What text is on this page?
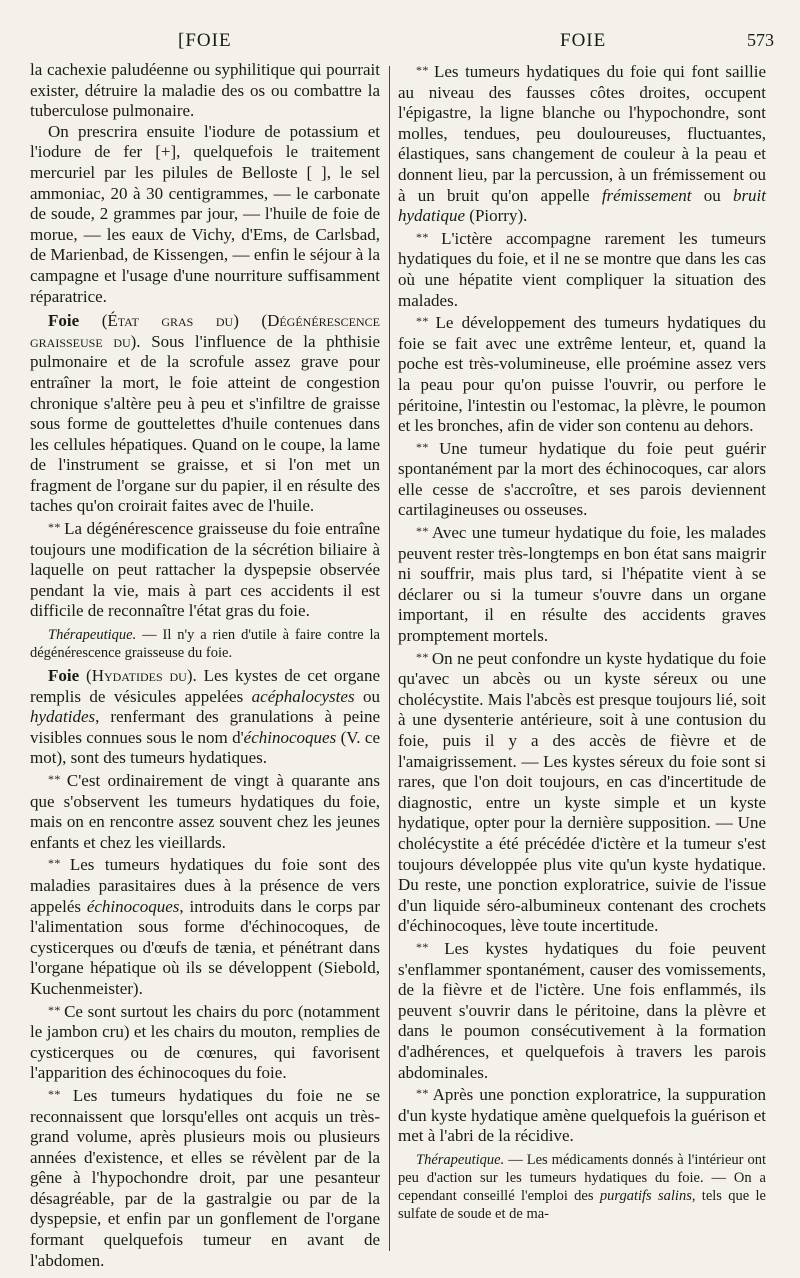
[FOIE	FOIE	573

la cachexie paludéenne ou syphilitique qui pourrait exister, détruire la maladie des os ou combattre la tuberculose pulmonaire.

On prescrira ensuite l'iodure de potassium et l'iodure de fer [+], quelquefois le traitement mercuriel par les pilules de Belloste [ ], le sel ammoniac, 20 à 30 centigrammes, — le carbonate de soude, 2 grammes par jour, — l'huile de foie de morue, — les eaux de Vichy, d'Ems, de Carlsbad, de Marienbad, de Kissengen, — enfin le séjour à la campagne et l'usage d'une nourriture suffisamment réparatrice.

Foie (État gras du) (Dégénérescence graisseuse du). Sous l'influence de la phthisie pulmonaire et de la scrofule assez grave pour entraîner la mort, le foie atteint de congestion chronique s'altère peu à peu et s'infiltre de graisse sous forme de gouttelettes d'huile contenues dans les cellules hépatiques. Quand on le coupe, la lame de l'instrument se graisse, et si l'on met un fragment de l'organe sur du papier, il en résulte des taches qu'on croirait faites avec de l'huile.

* * La dégénérescence graisseuse du foie entraîne toujours une modification de la sécrétion biliaire à laquelle on peut rattacher la dyspepsie observée pendant la vie, mais à part ces accidents il est difficile de reconnaître l'état gras du foie.

Thérapeutique. — Il n'y a rien d'utile à faire contre la dégénérescence graisseuse du foie.

Foie (Hydatides du). Les kystes de cet organe remplis de vésicules appelées acéphalocystes ou hydatides, renfermant des granulations à peine visibles connues sous le nom d'échinocoques (V. ce mot), sont des tumeurs hydatiques.

* * C'est ordinairement de vingt à quarante ans que s'observent les tumeurs hydatiques du foie, mais on en rencontre assez souvent chez les jeunes enfants et chez les vieillards.

* * Les tumeurs hydatiques du foie sont des maladies parasitaires dues à la présence de vers appelés échinocoques, introduits dans le corps par l'alimentation sous forme d'échinocoques, de cysticerques ou d'œufs de tænia, et pénétrant dans l'organe hépatique où ils se développent (Siebold, Kuchenmeister).

* * Ce sont surtout les chairs du porc (notamment le jambon cru) et les chairs du mouton, remplies de cysticerques ou de cœnures, qui favorisent l'apparition des échinocoques du foie.

* * Les tumeurs hydatiques du foie ne se reconnaissent que lorsqu'elles ont acquis un très-grand volume, après plusieurs mois ou plusieurs années d'existence, et elles se révèlent par de la gêne à l'hypochondre droit, par une pesanteur désagréable, par de la gastralgie ou par de la dyspepsie, et enfin par un gonflement de l'organe formant quelquefois tumeur en avant de l'abdomen.

* * Les tumeurs hydatiques du foie qui font saillie au niveau des fausses côtes droites, occupent l'épigastre, la ligne blanche ou l'hypochondre, sont molles, tendues, peu douloureuses, fluctuantes, élastiques, sans changement de couleur à la peau et donnent lieu, par la percussion, à un frémissement ou à un bruit qu'on appelle frémissement ou bruit hydatique (Piorry).

* * L'ictère accompagne rarement les tumeurs hydatiques du foie, et il ne se montre que dans les cas où une hépatite vient compliquer la situation des malades.

* * Le développement des tumeurs hydatiques du foie se fait avec une extrême lenteur, et, quand la poche est très-volumineuse, elle proémine assez vers la peau pour qu'on puisse l'ouvrir, ou perfore le péritoine, l'intestin ou l'estomac, la plèvre, le poumon et les bronches, afin de vider son contenu au dehors.

* * Une tumeur hydatique du foie peut guérir spontanément par la mort des échinocoques, car alors elle cesse de s'accroître, et ses parois deviennent cartilagineuses ou osseuses.

* * Avec une tumeur hydatique du foie, les malades peuvent rester très-longtemps en bon état sans maigrir ni souffrir, mais plus tard, si l'hépatite vient à se déclarer ou si la tumeur s'ouvre dans un organe important, il en résulte des accidents graves promptement mortels.

* * On ne peut confondre un kyste hydatique du foie qu'avec un abcès ou un kyste séreux ou une cholécystite. Mais l'abcès est presque toujours lié, soit à une dysenterie antérieure, soit à une contusion du foie, puis il y a des accès de fièvre et de l'amaigrissement. — Les kystes séreux du foie sont si rares, que l'on doit toujours, en cas d'incertitude de diagnostic, entre un kyste simple et un kyste hydatique, opter pour la dernière supposition. — Une cholécystite a été précédée d'ictère et la tumeur s'est toujours développée plus vite qu'un kyste hydatique. Du reste, une ponction exploratrice, suivie de l'issue d'un liquide séro-albumineux contenant des crochets d'échinocoques, lève toute incertitude.

* * Les kystes hydatiques du foie peuvent s'enflammer spontanément, causer des vomissements, de la fièvre et de l'ictère. Une fois enflammés, ils peuvent s'ouvrir dans le péritoine, dans la plèvre et dans le poumon consécutivement à la formation d'adhérences, et quelquefois à travers les parois abdominales.

* * Après une ponction exploratrice, la suppuration d'un kyste hydatique amène quelquefois la guérison et met à l'abri de la récidive.

Thérapeutique. — Les médicaments donnés à l'intérieur ont peu d'action sur les tumeurs hydatiques du foie. — On a cependant conseillé l'emploi des purgatifs salins, tels que le sulfate de soude et de ma-
